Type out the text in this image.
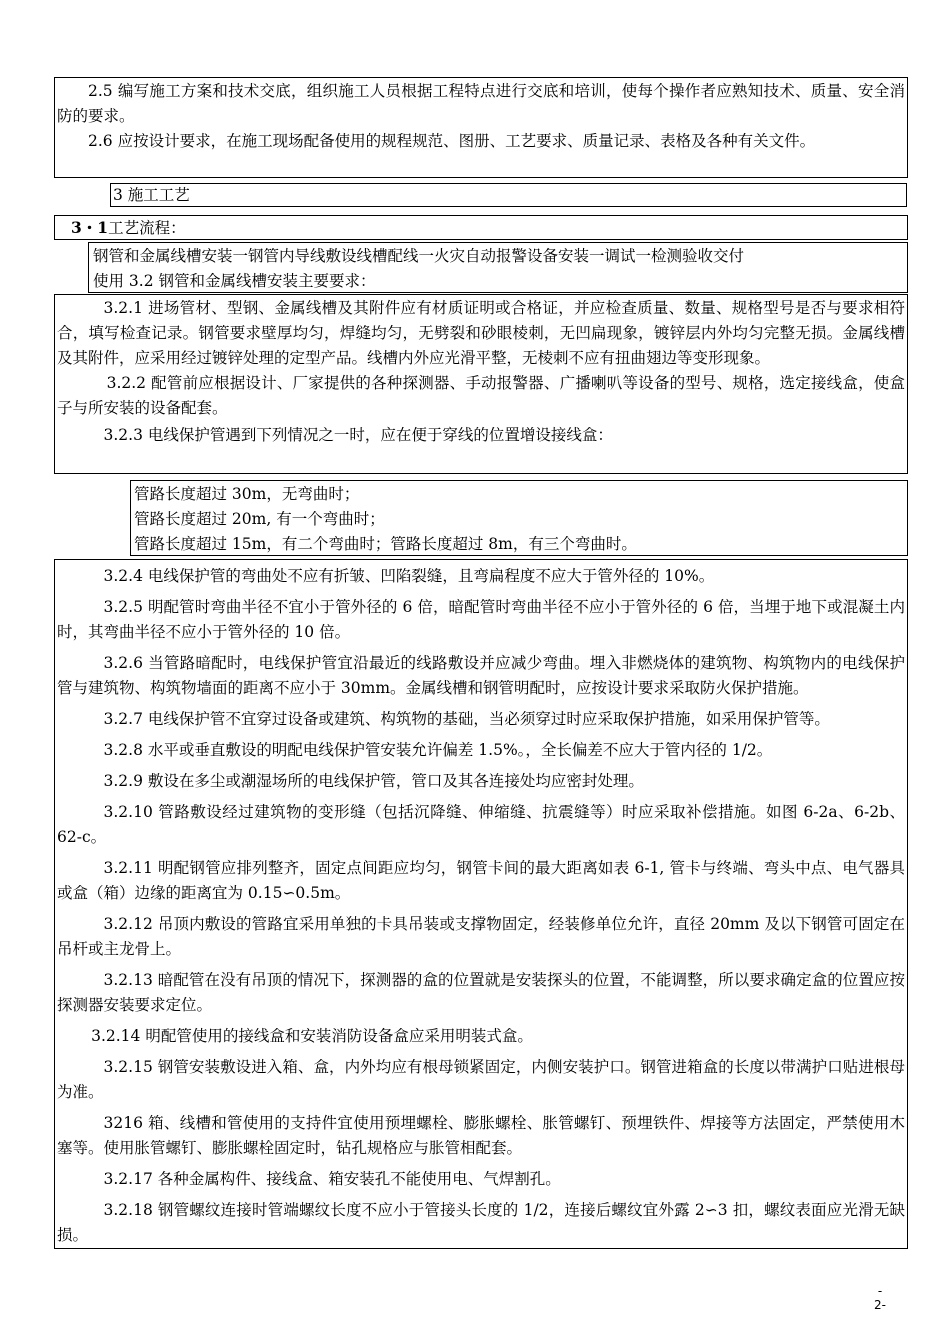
2.5 编写施工方案和技术交底，组织施工人员根据工程特点进行交底和培训，使每个操作者应熟知技术、质量、安全消防的要求。

2.6 应按设计要求，在施工现场配备使用的规程规范、图册、工艺要求、质量记录、表格及各种有关文件。

3 施工工艺

3・1工艺流程：

钢管和金属线槽安装一钢管内导线敷设线槽配线一火灾自动报警设备安装一调试一检测验收交付

使用 3.2 钢管和金属线槽安装主要要求：

3.2.1 进场管材、型钢、金属线槽及其附件应有材质证明或合格证，并应检查质量、数量、规格型号是否与要求相符合，填写检查记录。钢管要求壁厚均匀，焊缝均匀，无劈裂和砂眼棱刺，无凹扁现象，镀锌层内外均匀完整无损。金属线槽及其附件，应采用经过镀锌处理的定型产品。线槽内外应光滑平整，无棱刺不应有扭曲翅边等变形现象。

3.2.2 配管前应根据设计、厂家提供的各种探测器、手动报警器、广播喇叭等设备的型号、规格，选定接线盒，使盒子与所安装的设备配套。

3.2.3 电线保护管遇到下列情况之一时，应在便于穿线的位置增设接线盒：

管路长度超过 30m，无弯曲时；

管路长度超过 20m, 有一个弯曲时；

管路长度超过 15m，有二个弯曲时；管路长度超过 8m，有三个弯曲时。

3.2.4 电线保护管的弯曲处不应有折皱、凹陷裂缝，且弯扁程度不应大于管外径的 10%。

3.2.5 明配管时弯曲半径不宜小于管外径的 6 倍，暗配管时弯曲半径不应小于管外径的 6 倍，当埋于地下或混凝土内时，其弯曲半径不应小于管外径的 10 倍。

3.2.6 当管路暗配时，电线保护管宜沿最近的线路敷设并应减少弯曲。埋入非燃烧体的建筑物、构筑物内的电线保护管与建筑物、构筑物墙面的距离不应小于 30mm。金属线槽和钢管明配时，应按设计要求采取防火保护措施。

3.2.7 电线保护管不宜穿过设备或建筑、构筑物的基础，当必须穿过时应采取保护措施，如采用保护管等。

3.2.8 水平或垂直敷设的明配电线保护管安装允许偏差 1.5%。，全长偏差不应大于管内径的 1/2。

3.2.9 敷设在多尘或潮湿场所的电线保护管，管口及其各连接处均应密封处理。

3.2.10 管路敷设经过建筑物的变形缝（包括沉降缝、伸缩缝、抗震缝等）时应采取补偿措施。如图 6-2a、6-2b、62-c。

3.2.11 明配钢管应排列整齐，固定点间距应均匀，钢管卡间的最大距离如表 6-1, 管卡与终端、弯头中点、电气器具或盒（箱）边缘的距离宜为 0.15∽0.5m。

3.2.12 吊顶内敷设的管路宜采用单独的卡具吊装或支撑物固定，经装修单位允许，直径 20mm 及以下钢管可固定在吊杆或主龙骨上。

3.2.13 暗配管在没有吊顶的情况下，探测器的盒的位置就是安装探头的位置，不能调整，所以要求确定盒的位置应按探测器安装要求定位。

3.2.14 明配管使用的接线盒和安装消防设备盒应采用明装式盒。

3.2.15 钢管安装敷设进入箱、盒，内外均应有根母锁紧固定，内侧安装护口。钢管进箱盒的长度以带满护口贴进根母为准。

3216 箱、线槽和管使用的支持件宜使用预埋螺栓、膨胀螺栓、胀管螺钉、预埋铁件、焊接等方法固定，严禁使用木塞等。使用胀管螺钉、膨胀螺栓固定时，钻孔规格应与胀管相配套。

3.2.17 各种金属构件、接线盒、箱安装孔不能使用电、气焊割孔。

3.2.18 钢管螺纹连接时管端螺纹长度不应小于管接头长度的 1/2，连接后螺纹宜外露 2∽3 扣，螺纹表面应光滑无缺损。

-
2-
